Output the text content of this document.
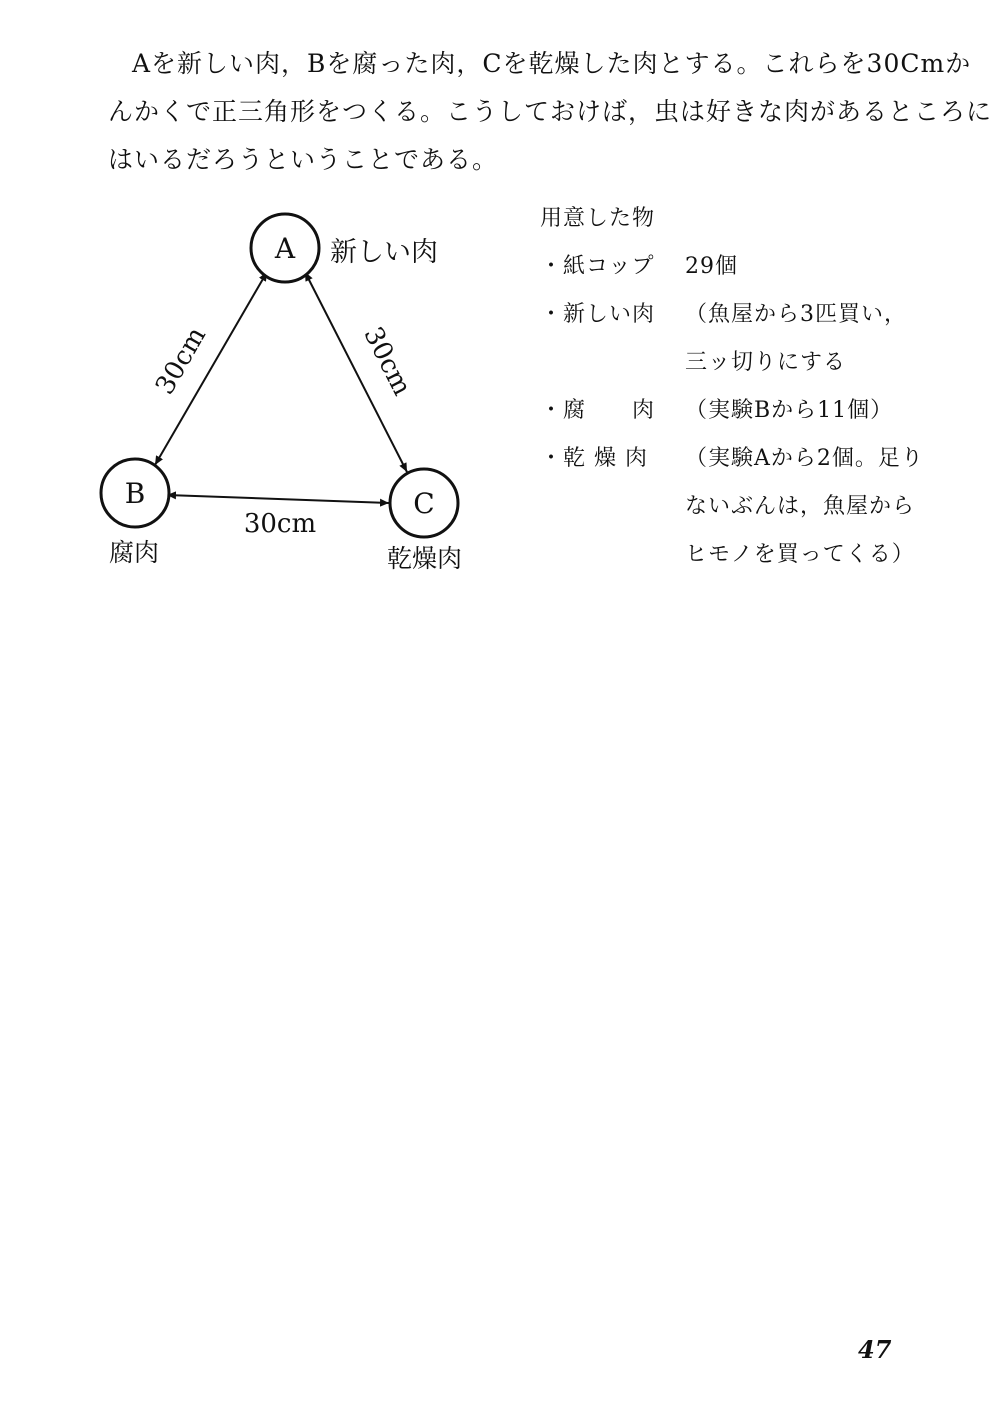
Aを新しい肉，Bを腐った肉，Cを乾燥した肉とする。これらを30Cmか
んかくで正三角形をつくる。こうしておけば，虫は好きな肉があるところに
はいるだろうということである。

30cm	30cm
30cm
A 新しい肉
B
腐肉
C
乾燥肉
用意した物
・紙コップ	29個
・新しい肉	（魚屋から3匹買い，
三ッ切りにする
・腐　　肉	（実験Bから11個）
・乾 燥 肉	（実験Aから2個。足り
ないぶんは，魚屋から
ヒモノを買ってくる）
47
